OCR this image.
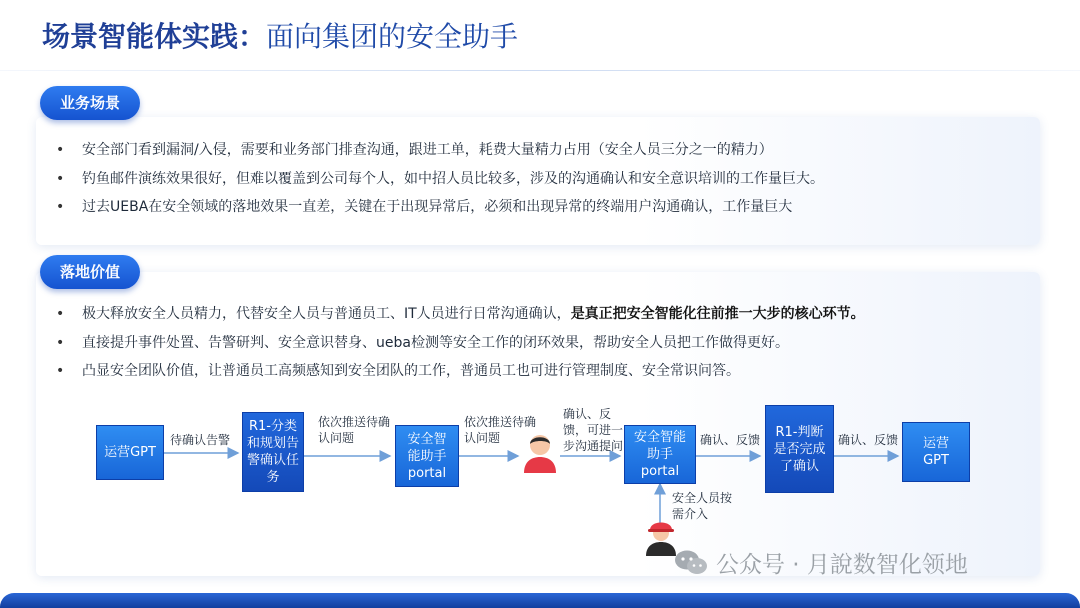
场景智能体实践：面向集团的安全助手
业务场景
• 安全部门看到漏洞/入侵，需要和业务部门排查沟通，跟进工单，耗费大量精力占用（安全人员三分之一的精力）
• 钓鱼邮件演练效果很好，但难以覆盖到公司每个人，如中招人员比较多，涉及的沟通确认和安全意识培训的工作量巨大。
• 过去UEBA在安全领域的落地效果一直差，关键在于出现异常后，必须和出现异常的终端用户沟通确认，工作量巨大
落地价值
• 极大释放安全人员精力，代替安全人员与普通员工、IT人员进行日常沟通确认，是真正把安全智能化往前推一大步的核心环节。
• 直接提升事件处置、告警研判、安全意识替身、ueba检测等安全工作的闭环效果，帮助安全人员把工作做得更好。
• 凸显安全团队价值，让普通员工高频感知到安全团队的工作，普通员工也可进行管理制度、安全常识问答。
运营GPT
待确认告警
R1-分类和规划告警确认任务
依次推送待确认问题	安全智能助手portal
依次推送待确认问题
确认、反馈，可进一步沟通提问
安全智能助手portal
确认、反馈
R1-判断是否完成了确认
确认、反馈	运营GPT
安全人员按需介入
公众号 · 月說数智化领地
